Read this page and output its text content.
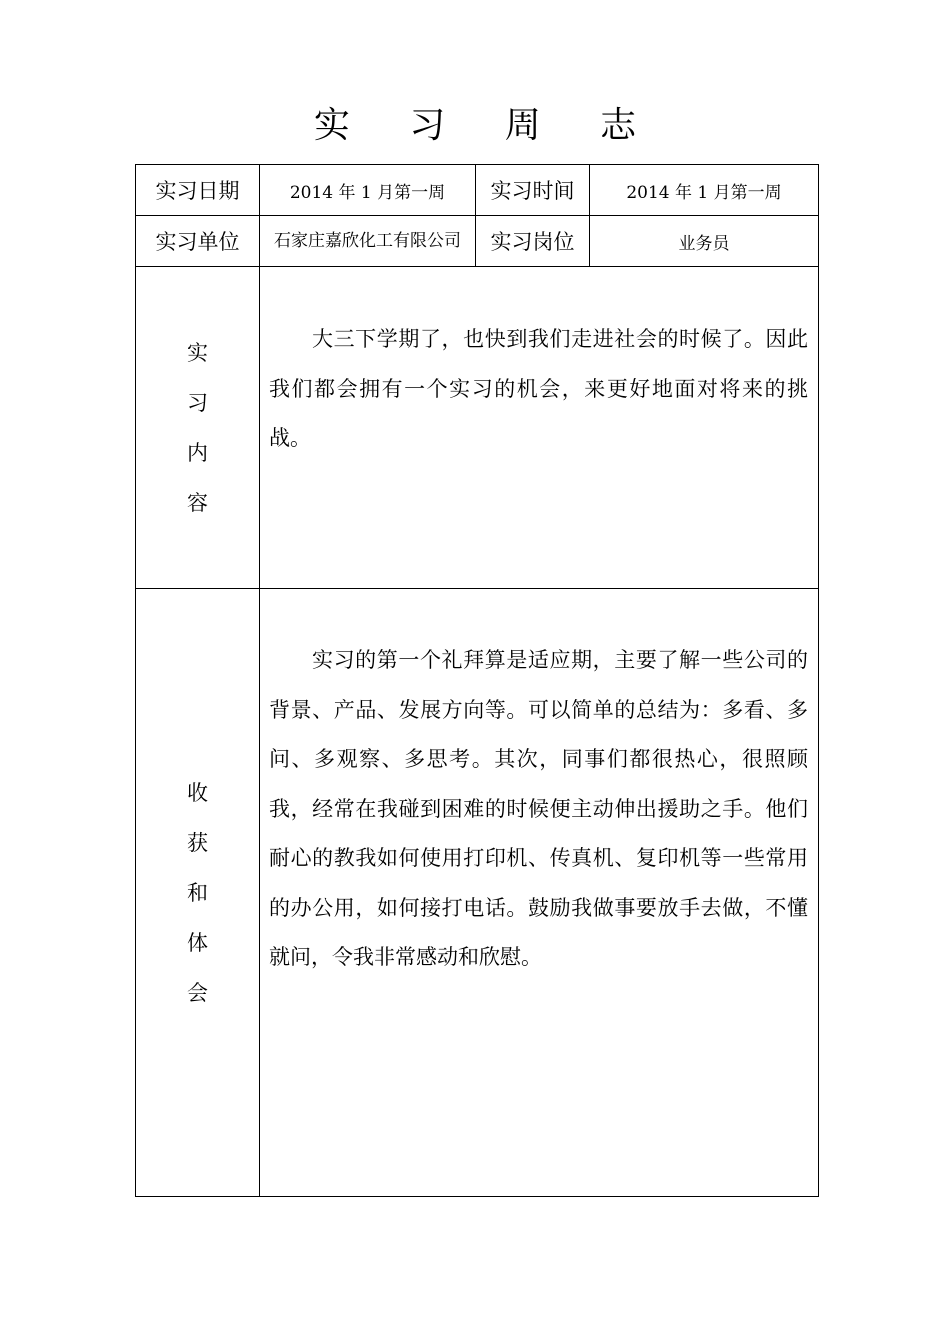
实 习 周 志
实习日期	2014 年 1 月第一周	实习时间	2014 年 1 月第一周
实习单位	石家庄嘉欣化工有限公司	实习岗位	业务员

实
习
内
容	大三下学期了，也快到我们走进社会的时候了。因此我们都会拥有一个实习的机会，来更好地面对将来的挑战。		

收
获
和
体
会	实习的第一个礼拜算是适应期，主要了解一些公司的背景、产品、发展方向等。可以简单的总结为：多看、多问、多观察、多思考。其次，同事们都很热心，很照顾我，经常在我碰到困难的时候便主动伸出援助之手。他们耐心的教我如何使用打印机、传真机、复印机等一些常用的办公用，如何接打电话。鼓励我做事要放手去做，不懂就问，令我非常感动和欣慰。		
